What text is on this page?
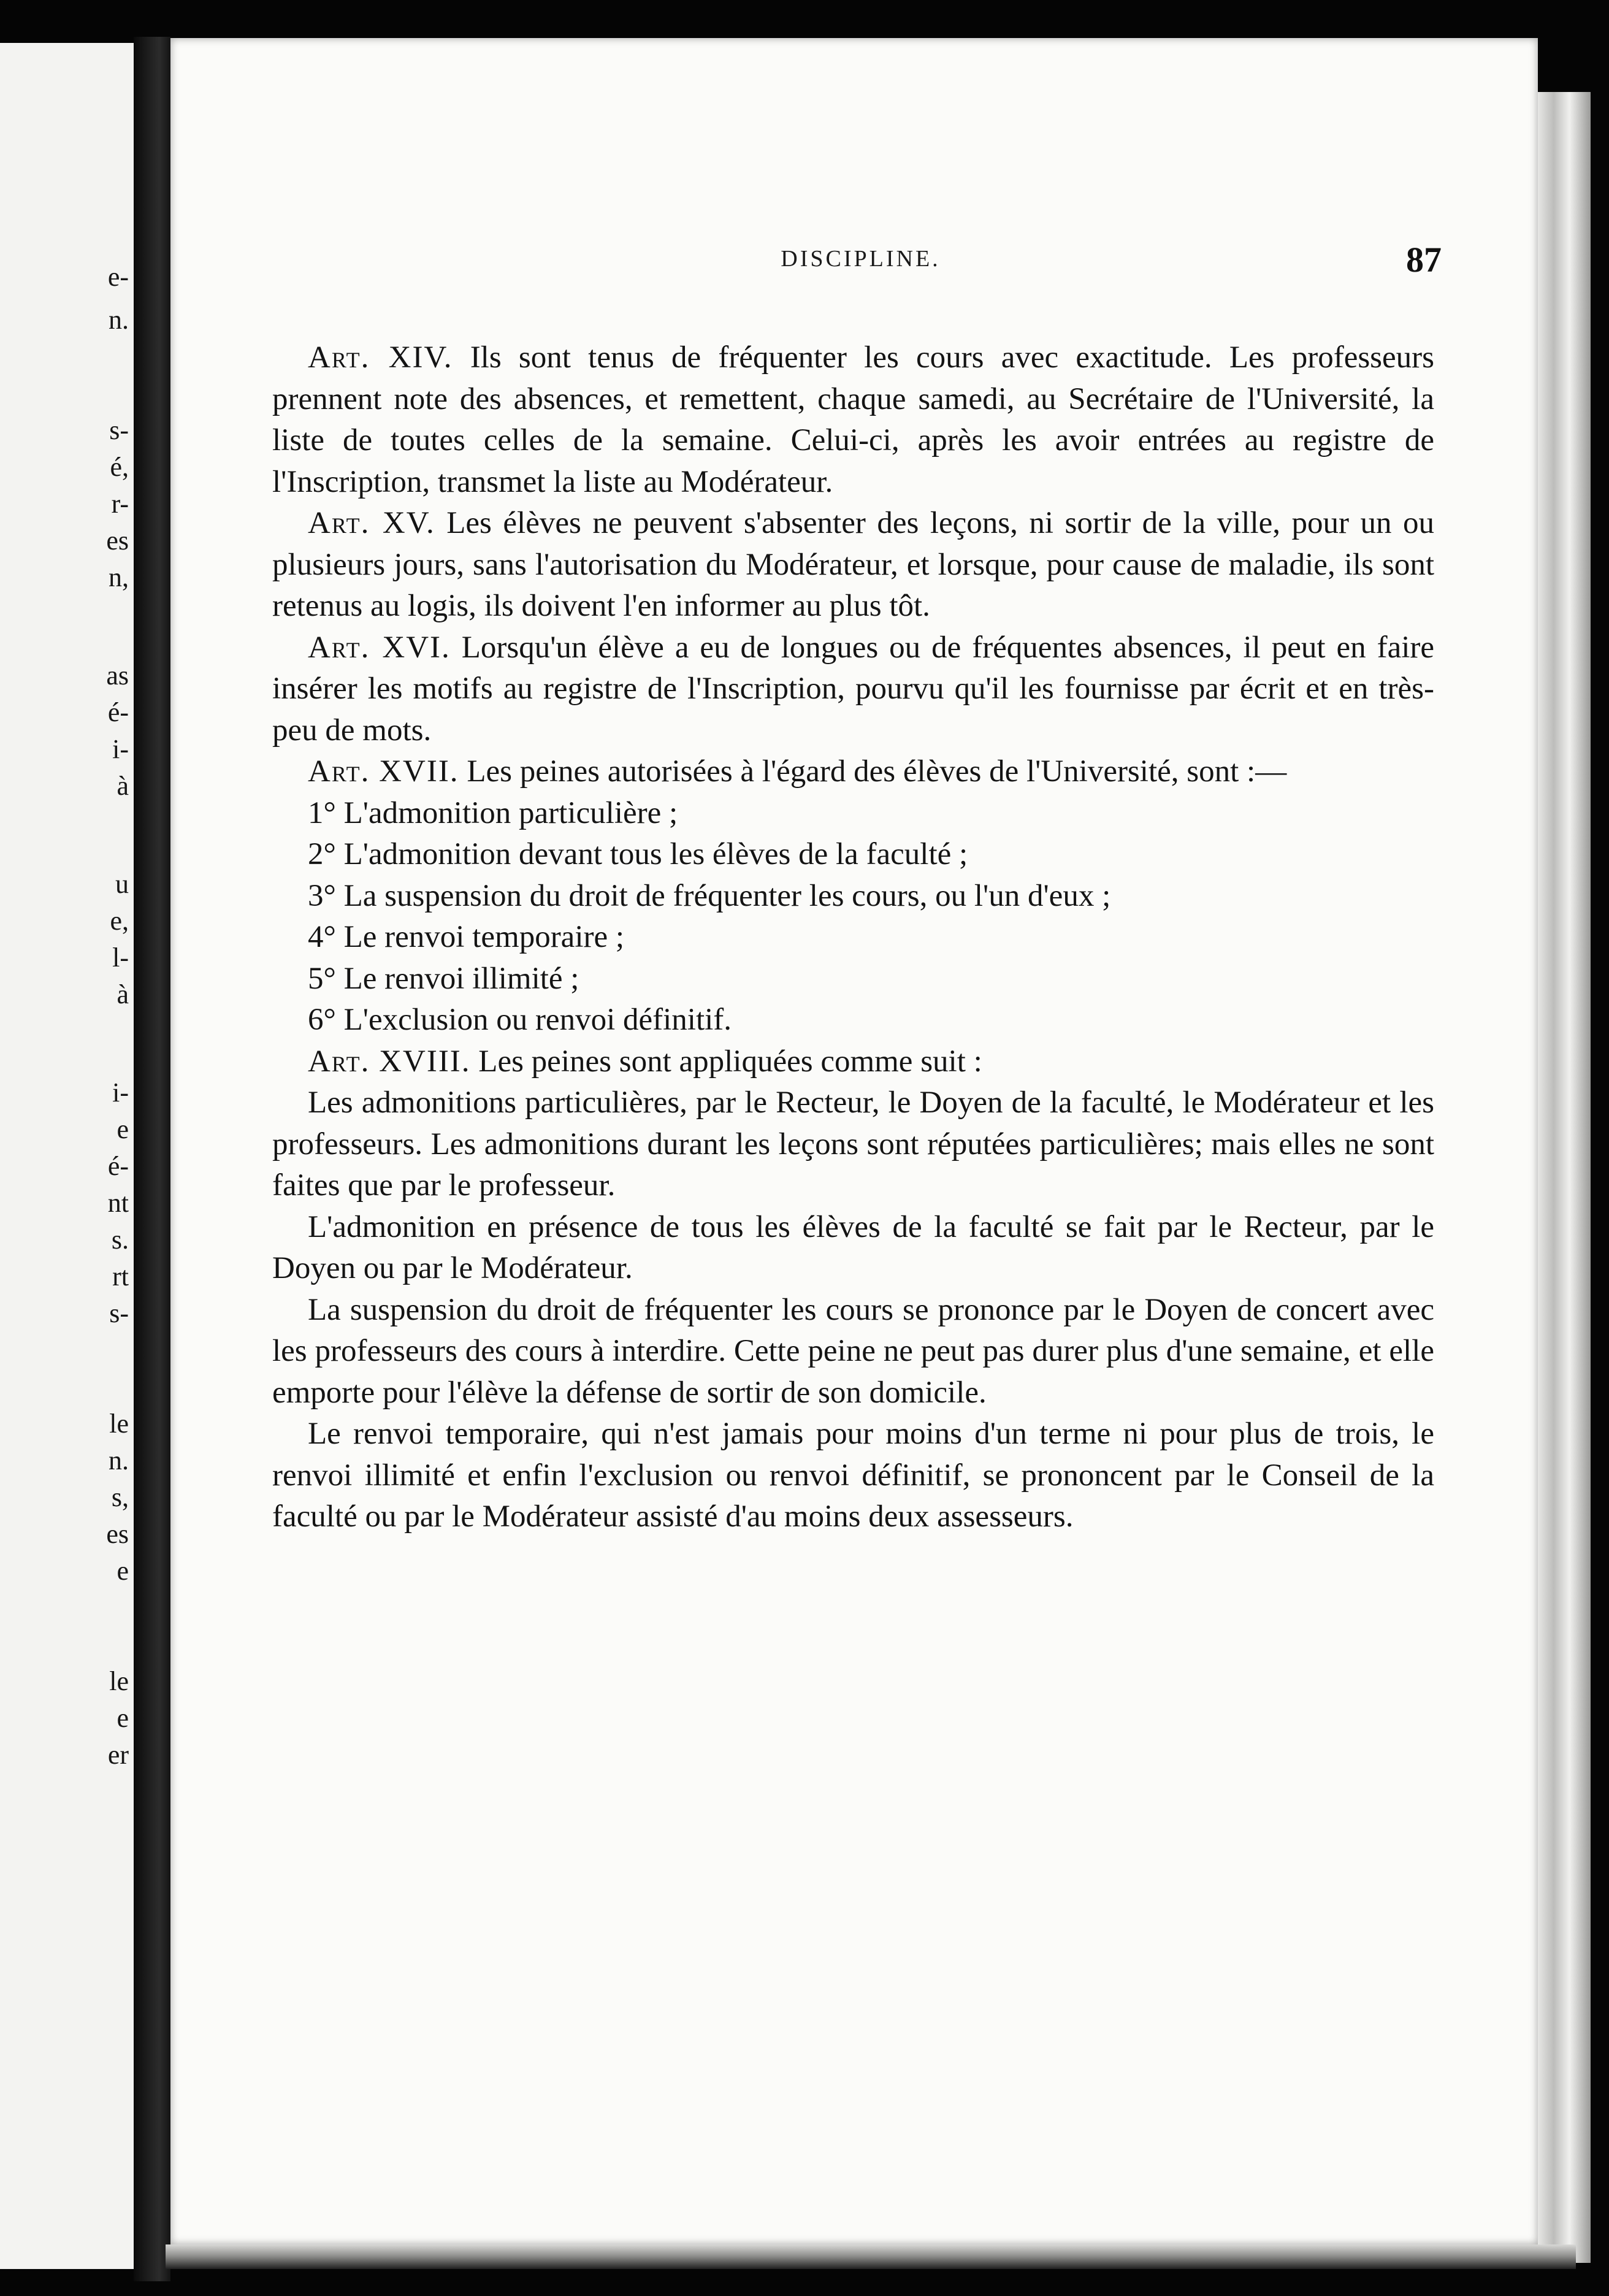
e-
n.
s-
é,
r-
es
n,
as
é-
i-
à
u
e,
l-
à
i-
e
é-
nt
s.
rt
s-
le
n.
s,
es
e
le
e
er
DISCIPLINE.	87

Art. XIV. Ils sont tenus de fréquenter les cours avec exactitude. Les professeurs prennent note des absences, et remettent, chaque samedi, au Secrétaire de l'Université, la liste de toutes celles de la semaine. Celui-ci, après les avoir entrées au registre de l'Inscription, transmet la liste au Modérateur.

Art. XV. Les élèves ne peuvent s'absenter des leçons, ni sortir de la ville, pour un ou plusieurs jours, sans l'autorisation du Modérateur, et lorsque, pour cause de maladie, ils sont retenus au logis, ils doivent l'en informer au plus tôt.

Art. XVI. Lorsqu'un élève a eu de longues ou de fréquentes absences, il peut en faire insérer les motifs au registre de l'Inscription, pourvu qu'il les fournisse par écrit et en très-peu de mots.

Art. XVII. Les peines autorisées à l'égard des élèves de l'Université, sont :—

1° L'admonition particulière ;

2° L'admonition devant tous les élèves de la faculté ;

3° La suspension du droit de fréquenter les cours, ou l'un d'eux ;

4° Le renvoi temporaire ;

5° Le renvoi illimité ;

6° L'exclusion ou renvoi définitif.

Art. XVIII. Les peines sont appliquées comme suit :

Les admonitions particulières, par le Recteur, le Doyen de la faculté, le Modérateur et les professeurs. Les admonitions durant les leçons sont réputées particulières; mais elles ne sont faites que par le professeur.

L'admonition en présence de tous les élèves de la faculté se fait par le Recteur, par le Doyen ou par le Modérateur.

La suspension du droit de fréquenter les cours se prononce par le Doyen de concert avec les professeurs des cours à interdire. Cette peine ne peut pas durer plus d'une semaine, et elle emporte pour l'élève la défense de sortir de son domicile.

Le renvoi temporaire, qui n'est jamais pour moins d'un terme ni pour plus de trois, le renvoi illimité et enfin l'exclusion ou renvoi définitif, se prononcent par le Conseil de la faculté ou par le Modérateur assisté d'au moins deux assesseurs.
